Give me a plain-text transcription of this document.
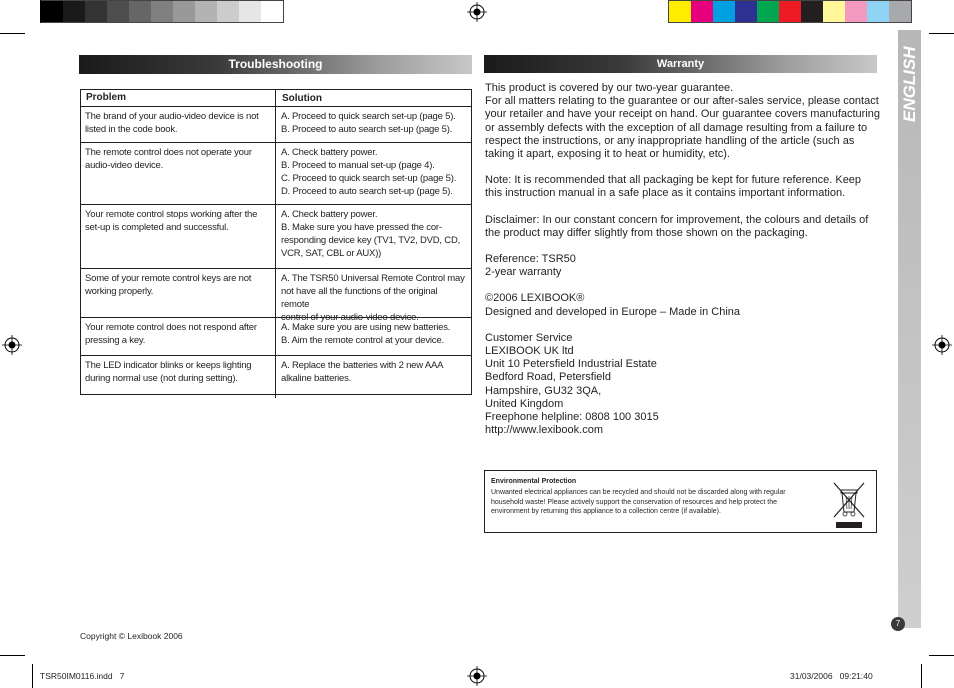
Troubleshooting
Problem	Solution
The brand of your audio-video device is not listed in the code book.
A. Proceed to quick search set-up (page 5).
B. Proceed to auto search set-up (page 5).
The remote control does not operate your audio-video device.
A. Check battery power.
B. Proceed to manual set-up (page 4).
C. Proceed to quick search set-up (page 5).
D. Proceed to auto search set-up (page 5).
Your remote control stops working after the set-up is completed and successful.
A. Check battery power.
B. Make sure you have pressed the cor-
responding device key (TV1, TV2, DVD, CD,
VCR, SAT, CBL or AUX))
Some of your remote control keys are not working properly.
A. The TSR50 Universal Remote Control may
not have all the functions of the original remote
control of your audio-video device.
Your remote control does not respond after pressing a key.
A. Make sure you are using new batteries.
B. Aim the remote control at your device.
The LED indicator blinks or keeps lighting during normal use (not during setting).
A. Replace the batteries with 2 new AAA
alkaline batteries.
Warranty

This product is covered by our two-year guarantee.

For all matters relating to the guarantee or our after-sales service, please contact your retailer and have your receipt on hand. Our guarantee covers manufacturing or assembly defects with the exception of all damage resulting from a failure to respect the instructions, or any inappropriate handling of the article (such as taking it apart, exposing it to heat or humidity, etc).

Note: It is recommended that all packaging be kept for future reference. Keep this instruction manual in a safe place as it contains important information.

Disclaimer: In our constant concern for improvement, the colours and details of the product may differ slightly from those shown on the packaging.

Reference: TSR50

2-year warranty

©2006 LEXIBOOK®

Designed and developed in Europe – Made in China

Customer Service

LEXIBOOK UK ltd

Unit 10 Petersfield Industrial Estate

Bedford Road, Petersfield

Hampshire, GU32 3QA,

United Kingdom

Freephone helpline: 0808 100 3015

http://www.lexibook.com

Environmental Protection
Unwanted electrical appliances can be recycled and should not be discarded along with regular household waste! Please actively support the conservation of resources and help protect the environment by returning this appliance to a collection centre (if available).
ENGLISH
7
Copyright © Lexibook 2006
TSR50IM0116.indd   7	31/03/2006   09:21:40
